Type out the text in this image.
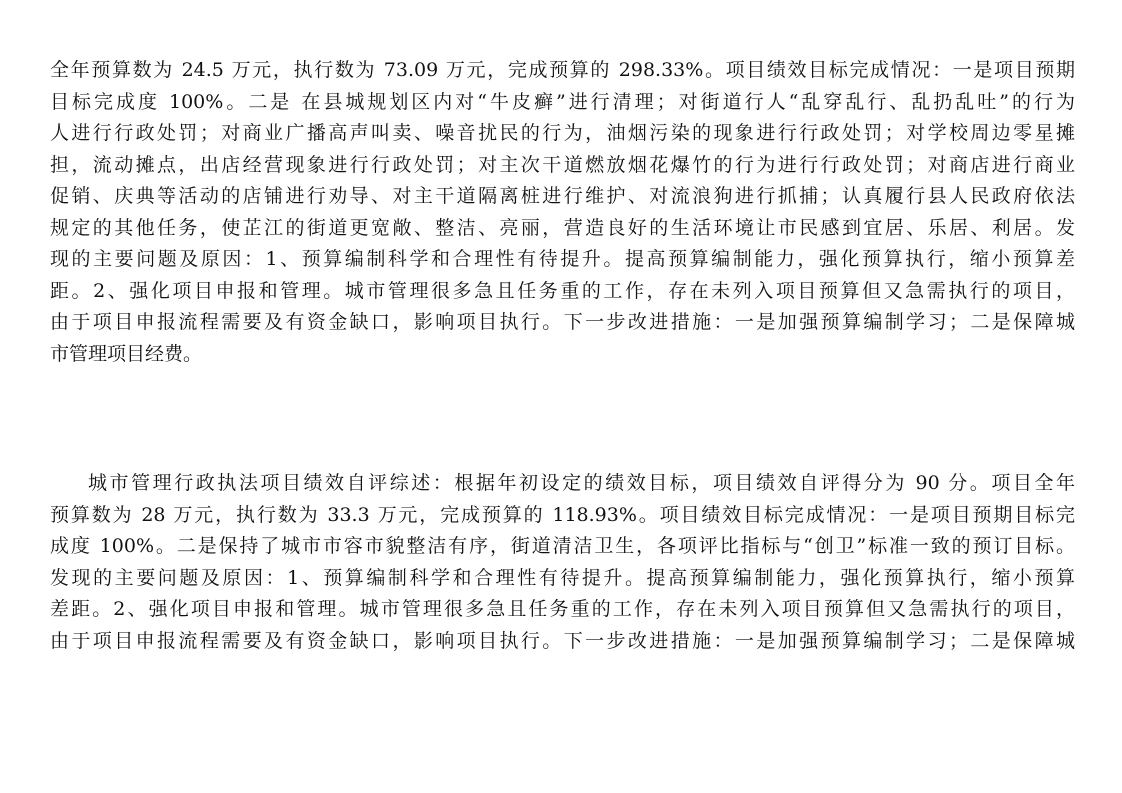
全年预算数为 24.5 万元，执行数为 73.09 万元，完成预算的 298.33%。项目绩效目标完成情况：一是项目预期
目标完成度 100%。二是 在县城规划区内对“牛皮癣”进行清理；对街道行人“乱穿乱行、乱扔乱吐”的行为
人进行行政处罚；对商业广播高声叫卖、噪音扰民的行为，油烟污染的现象进行行政处罚；对学校周边零星摊
担，流动摊点，出店经营现象进行行政处罚；对主次干道燃放烟花爆竹的行为进行行政处罚；对商店进行商业
促销、庆典等活动的店铺进行劝导、对主干道隔离桩进行维护、对流浪狗进行抓捕；认真履行县人民政府依法
规定的其他任务，使芷江的街道更宽敞、整洁、亮丽，营造良好的生活环境让市民感到宜居、乐居、利居。发
现的主要问题及原因：1、预算编制科学和合理性有待提升。提高预算编制能力，强化预算执行，缩小预算差
距。2、强化项目申报和管理。城市管理很多急且任务重的工作，存在未列入项目预算但又急需执行的项目，
由于项目申报流程需要及有资金缺口，影响项目执行。下一步改进措施：一是加强预算编制学习；二是保障城
市管理项目经费。
城市管理行政执法项目绩效自评综述：根据年初设定的绩效目标，项目绩效自评得分为 90 分。项目全年
预算数为 28 万元，执行数为 33.3 万元，完成预算的 118.93%。项目绩效目标完成情况：一是项目预期目标完
成度 100%。二是保持了城市市容市貌整洁有序，街道清洁卫生，各项评比指标与“创卫”标准一致的预订目标。
发现的主要问题及原因：1、预算编制科学和合理性有待提升。提高预算编制能力，强化预算执行，缩小预算
差距。2、强化项目申报和管理。城市管理很多急且任务重的工作，存在未列入项目预算但又急需执行的项目，
由于项目申报流程需要及有资金缺口，影响项目执行。下一步改进措施：一是加强预算编制学习；二是保障城
